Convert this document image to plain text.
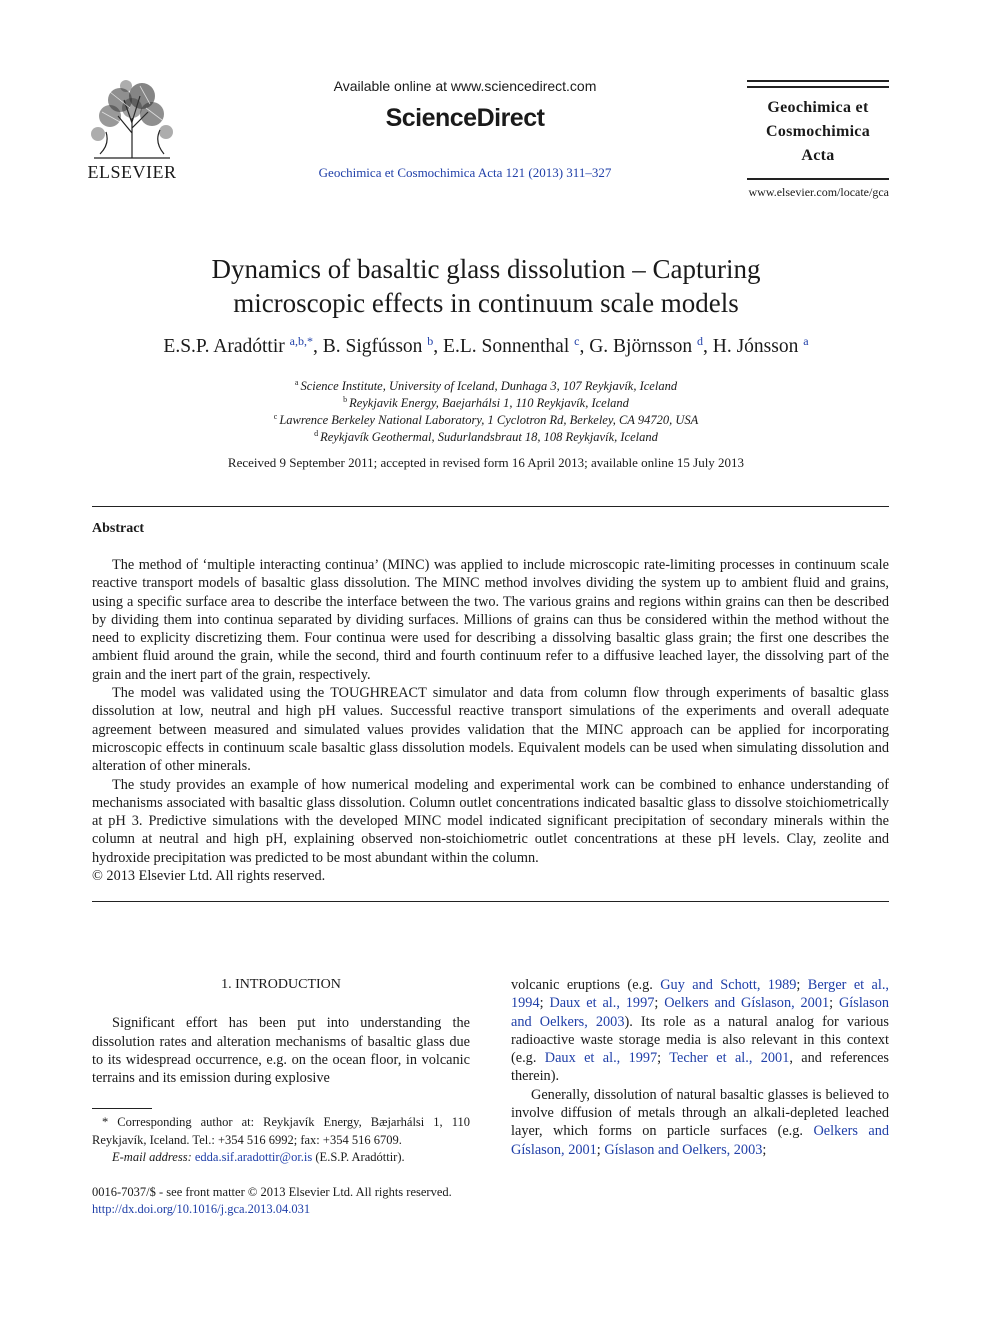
ELSEVIER
Available online at www.sciencedirect.com
ScienceDirect
Geochimica et Cosmochimica Acta 121 (2013) 311–327
Geochimica et
Cosmochimica
Acta
www.elsevier.com/locate/gca
Dynamics of basaltic glass dissolution – Capturing
microscopic effects in continuum scale models
E.S.P. Aradóttir $^{a,b,*}$, B. Sigfússon $^b$, E.L. Sonnenthal $^c$, G. Björnsson $^d$, H. Jónsson $^a$
$^a$ Science Institute, University of Iceland, Dunhaga 3, 107 Reykjavík, Iceland
$^b$ Reykjavik Energy, Baejarhálsi 1, 110 Reykjavík, Iceland
$^c$ Lawrence Berkeley National Laboratory, 1 Cyclotron Rd, Berkeley, CA 94720, USA
$^d$ Reykjavík Geothermal, Sudurlandsbraut 18, 108 Reykjavík, Iceland
Received 9 September 2011; accepted in revised form 16 April 2013; available online 15 July 2013
Abstract

The method of ‘multiple interacting continua’ (MINC) was applied to include microscopic rate-limiting processes in continuum scale reactive transport models of basaltic glass dissolution. The MINC method involves dividing the system up to ambient fluid and grains, using a specific surface area to describe the interface between the two. The various grains and regions within grains can then be described by dividing them into continua separated by dividing surfaces. Millions of grains can thus be considered within the method without the need to explicity discretizing them. Four continua were used for describing a dissolving basaltic glass grain; the first one describes the ambient fluid around the grain, while the second, third and fourth continuum refer to a diffusive leached layer, the dissolving part of the grain and the inert part of the grain, respectively.

The model was validated using the TOUGHREACT simulator and data from column flow through experiments of basaltic glass dissolution at low, neutral and high pH values. Successful reactive transport simulations of the experiments and overall adequate agreement between measured and simulated values provides validation that the MINC approach can be applied for incorporating microscopic effects in continuum scale basaltic glass dissolution models. Equivalent models can be used when simulating dissolution and alteration of other minerals.

The study provides an example of how numerical modeling and experimental work can be combined to enhance understanding of mechanisms associated with basaltic glass dissolution. Column outlet concentrations indicated basaltic glass to dissolve stoichiometrically at pH 3. Predictive simulations with the developed MINC model indicated significant precipitation of secondary minerals within the column at neutral and high pH, explaining observed non-stoichiometric outlet concentrations at these pH levels. Clay, zeolite and hydroxide precipitation was predicted to be most abundant within the column.

© 2013 Elsevier Ltd. All rights reserved.

1. INTRODUCTION

Significant effort has been put into understanding the dissolution rates and alteration mechanisms of basaltic glass due to its widespread occurrence, e.g. on the ocean floor, in volcanic terrains and its emission during explosive

* Corresponding author at: Reykjavík Energy, Bæjarhálsi 1, 110 Reykjavík, Iceland. Tel.: +354 516 6992; fax: +354 516 6709.

E-mail address: edda.sif.aradottir@or.is (E.S.P. Aradóttir).

0016-7037/$ - see front matter © 2013 Elsevier Ltd. All rights reserved.

http://dx.doi.org/10.1016/j.gca.2013.04.031

volcanic eruptions (e.g. Guy and Schott, 1989; Berger et al., 1994; Daux et al., 1997; Oelkers and Gíslason, 2001; Gíslason and Oelkers, 2003). Its role as a natural analog for various radioactive waste storage media is also relevant in this context (e.g. Daux et al., 1997; Techer et al., 2001, and references therein).

Generally, dissolution of natural basaltic glasses is believed to involve diffusion of metals through an alkali-depleted leached layer, which forms on particle surfaces (e.g. Oelkers and Gíslason, 2001; Gíslason and Oelkers, 2003;
